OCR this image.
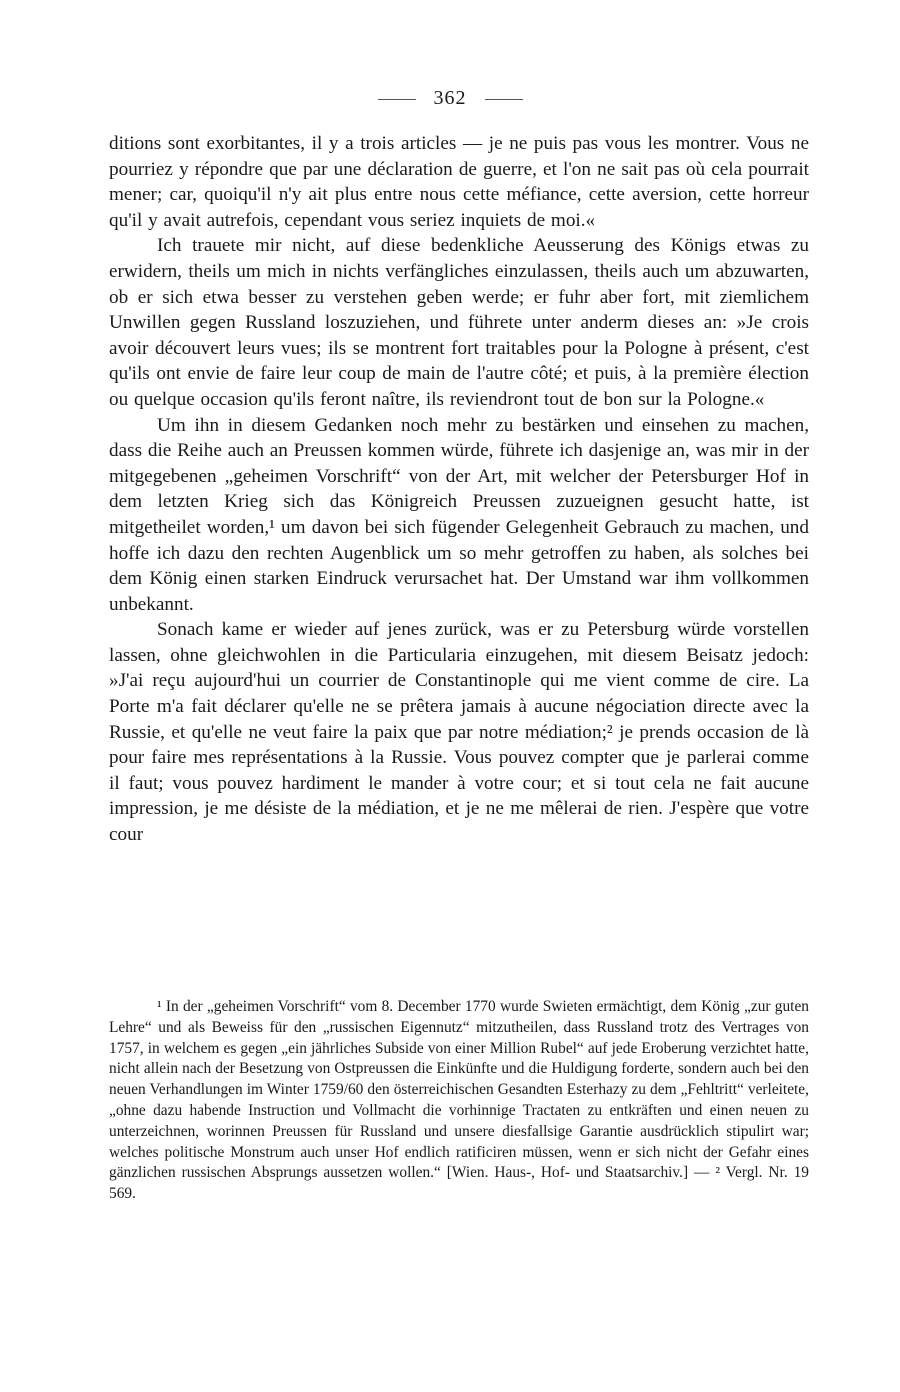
362

ditions sont exorbitantes, il y a trois articles — je ne puis pas vous les montrer. Vous ne pourriez y répondre que par une déclaration de guerre, et l'on ne sait pas où cela pourrait mener; car, quoiqu'il n'y ait plus entre nous cette méfiance, cette aversion, cette horreur qu'il y avait autrefois, cependant vous seriez inquiets de moi.«

Ich trauete mir nicht, auf diese bedenkliche Aeusserung des Königs etwas zu erwidern, theils um mich in nichts verfängliches einzulassen, theils auch um abzuwarten, ob er sich etwa besser zu verstehen geben werde; er fuhr aber fort, mit ziemlichem Unwillen gegen Russland loszuziehen, und führete unter anderm dieses an: »Je crois avoir découvert leurs vues; ils se montrent fort traitables pour la Pologne à présent, c'est qu'ils ont envie de faire leur coup de main de l'autre côté; et puis, à la première élection ou quelque occasion qu'ils feront naître, ils reviendront tout de bon sur la Pologne.«

Um ihn in diesem Gedanken noch mehr zu bestärken und einsehen zu machen, dass die Reihe auch an Preussen kommen würde, führete ich dasjenige an, was mir in der mitgegebenen „geheimen Vorschrift“ von der Art, mit welcher der Petersburger Hof in dem letzten Krieg sich das Königreich Preussen zuzueignen gesucht hatte, ist mitgetheilet worden,¹ um davon bei sich fügender Gelegenheit Gebrauch zu machen, und hoffe ich dazu den rechten Augenblick um so mehr getroffen zu haben, als solches bei dem König einen starken Eindruck verursachet hat. Der Umstand war ihm vollkommen unbekannt.

Sonach kame er wieder auf jenes zurück, was er zu Petersburg würde vorstellen lassen, ohne gleichwohlen in die Particularia einzugehen, mit diesem Beisatz jedoch: »J'ai reçu aujourd'hui un courrier de Constantinople qui me vient comme de cire. La Porte m'a fait déclarer qu'elle ne se prêtera jamais à aucune négociation directe avec la Russie, et qu'elle ne veut faire la paix que par notre médiation;² je prends occasion de là pour faire mes représentations à la Russie. Vous pouvez compter que je parlerai comme il faut; vous pouvez hardiment le mander à votre cour; et si tout cela ne fait aucune impression, je me désiste de la médiation, et je ne me mêlerai de rien. J'espère que votre cour

¹ In der „geheimen Vorschrift“ vom 8. December 1770 wurde Swieten ermächtigt, dem König „zur guten Lehre“ und als Beweiss für den „russischen Eigennutz“ mitzutheilen, dass Russland trotz des Vertrages von 1757, in welchem es gegen „ein jährliches Subside von einer Million Rubel“ auf jede Eroberung verzichtet hatte, nicht allein nach der Besetzung von Ostpreussen die Einkünfte und die Huldigung forderte, sondern auch bei den neuen Verhandlungen im Winter 1759/60 den österreichischen Gesandten Esterhazy zu dem „Fehltritt“ verleitete, „ohne dazu habende Instruction und Vollmacht die vorhinnige Tractaten zu entkräften und einen neuen zu unterzeichnen, worinnen Preussen für Russland und unsere diesfallsige Garantie ausdrücklich stipulirt war; welches politische Monstrum auch unser Hof endlich ratificiren müssen, wenn er sich nicht der Gefahr eines gänzlichen russischen Absprungs aussetzen wollen.“ [Wien. Haus-, Hof- und Staatsarchiv.] — ² Vergl. Nr. 19 569.
